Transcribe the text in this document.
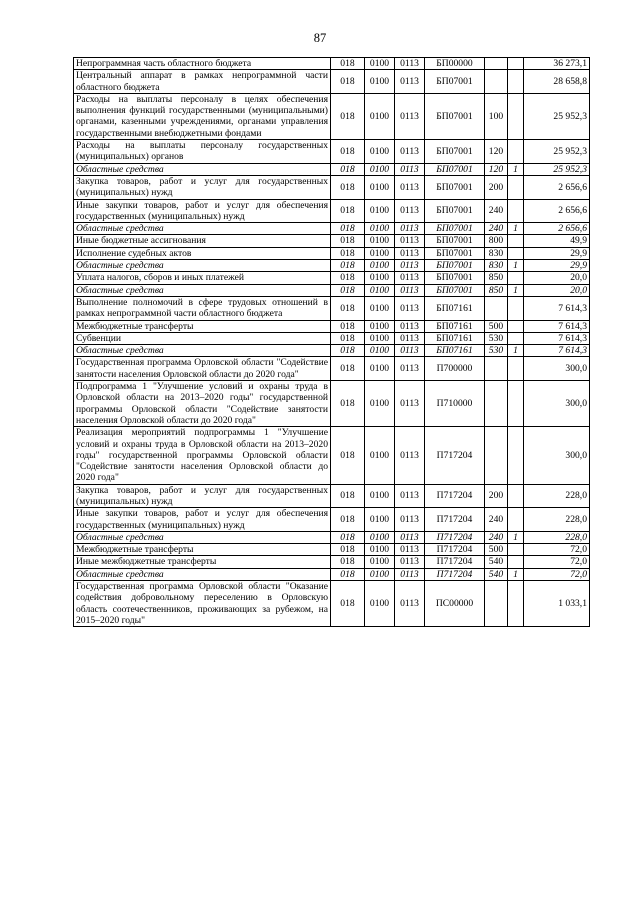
87
Непрограммная часть областного бюджета	018	0100	0113	БП00000			36 273,1
Центральный аппарат в рамках непрограммной части областного бюджета	018	0100	0113	БП07001			28 658,8
Расходы на выплаты персоналу в целях обеспечения выполнения функций государственными (муниципальными) органами, казенными учреждениями, органами управления государственными внебюджетными фондами	018	0100	0113	БП07001	100		25 952,3
Расходы на выплаты персоналу государственных (муниципальных) органов	018	0100	0113	БП07001	120		25 952,3
Областные средства	018	0100	0113	БП07001	120	1	25 952,3
Закупка товаров, работ и услуг для государственных (муниципальных) нужд	018	0100	0113	БП07001	200		2 656,6
Иные закупки товаров, работ и услуг для обеспечения государственных (муниципальных) нужд	018	0100	0113	БП07001	240		2 656,6
Областные средства	018	0100	0113	БП07001	240	1	2 656,6
Иные бюджетные ассигнования	018	0100	0113	БП07001	800		49,9
Исполнение судебных актов	018	0100	0113	БП07001	830		29,9
Областные средства	018	0100	0113	БП07001	830	1	29,9
Уплата налогов, сборов и иных платежей	018	0100	0113	БП07001	850		20,0
Областные средства	018	0100	0113	БП07001	850	1	20,0
Выполнение полномочий в сфере трудовых отношений в рамках непрограммной части областного бюджета	018	0100	0113	БП07161			7 614,3
Межбюджетные трансферты	018	0100	0113	БП07161	500		7 614,3
Субвенции	018	0100	0113	БП07161	530		7 614,3
Областные средства	018	0100	0113	БП07161	530	1	7 614,3
Государственная программа Орловской области "Содействие занятости населения Орловской области до 2020 года"	018	0100	0113	П700000			300,0
Подпрограмма 1 "Улучшение условий и охраны труда в Орловской области на 2013–2020 годы" государственной программы Орловской области "Содействие занятости населения Орловской области до 2020 года"	018	0100	0113	П710000			300,0
Реализация мероприятий подпрограммы 1 "Улучшение условий и охраны труда в Орловской области на 2013–2020 годы" государственной программы Орловской области "Содействие занятости населения Орловской области до 2020 года"	018	0100	0113	П717204			300,0
Закупка товаров, работ и услуг для государственных (муниципальных) нужд	018	0100	0113	П717204	200		228,0
Иные закупки товаров, работ и услуг для обеспечения государственных (муниципальных) нужд	018	0100	0113	П717204	240		228,0
Областные средства	018	0100	0113	П717204	240	1	228,0
Межбюджетные трансферты	018	0100	0113	П717204	500		72,0
Иные межбюджетные трансферты	018	0100	0113	П717204	540		72,0
Областные средства	018	0100	0113	П717204	540	1	72,0
Государственная программа Орловской области "Оказание содействия добровольному переселению в Орловскую область соотечественников, проживающих за рубежом, на 2015–2020 годы"	018	0100	0113	ПС00000			1 033,1
